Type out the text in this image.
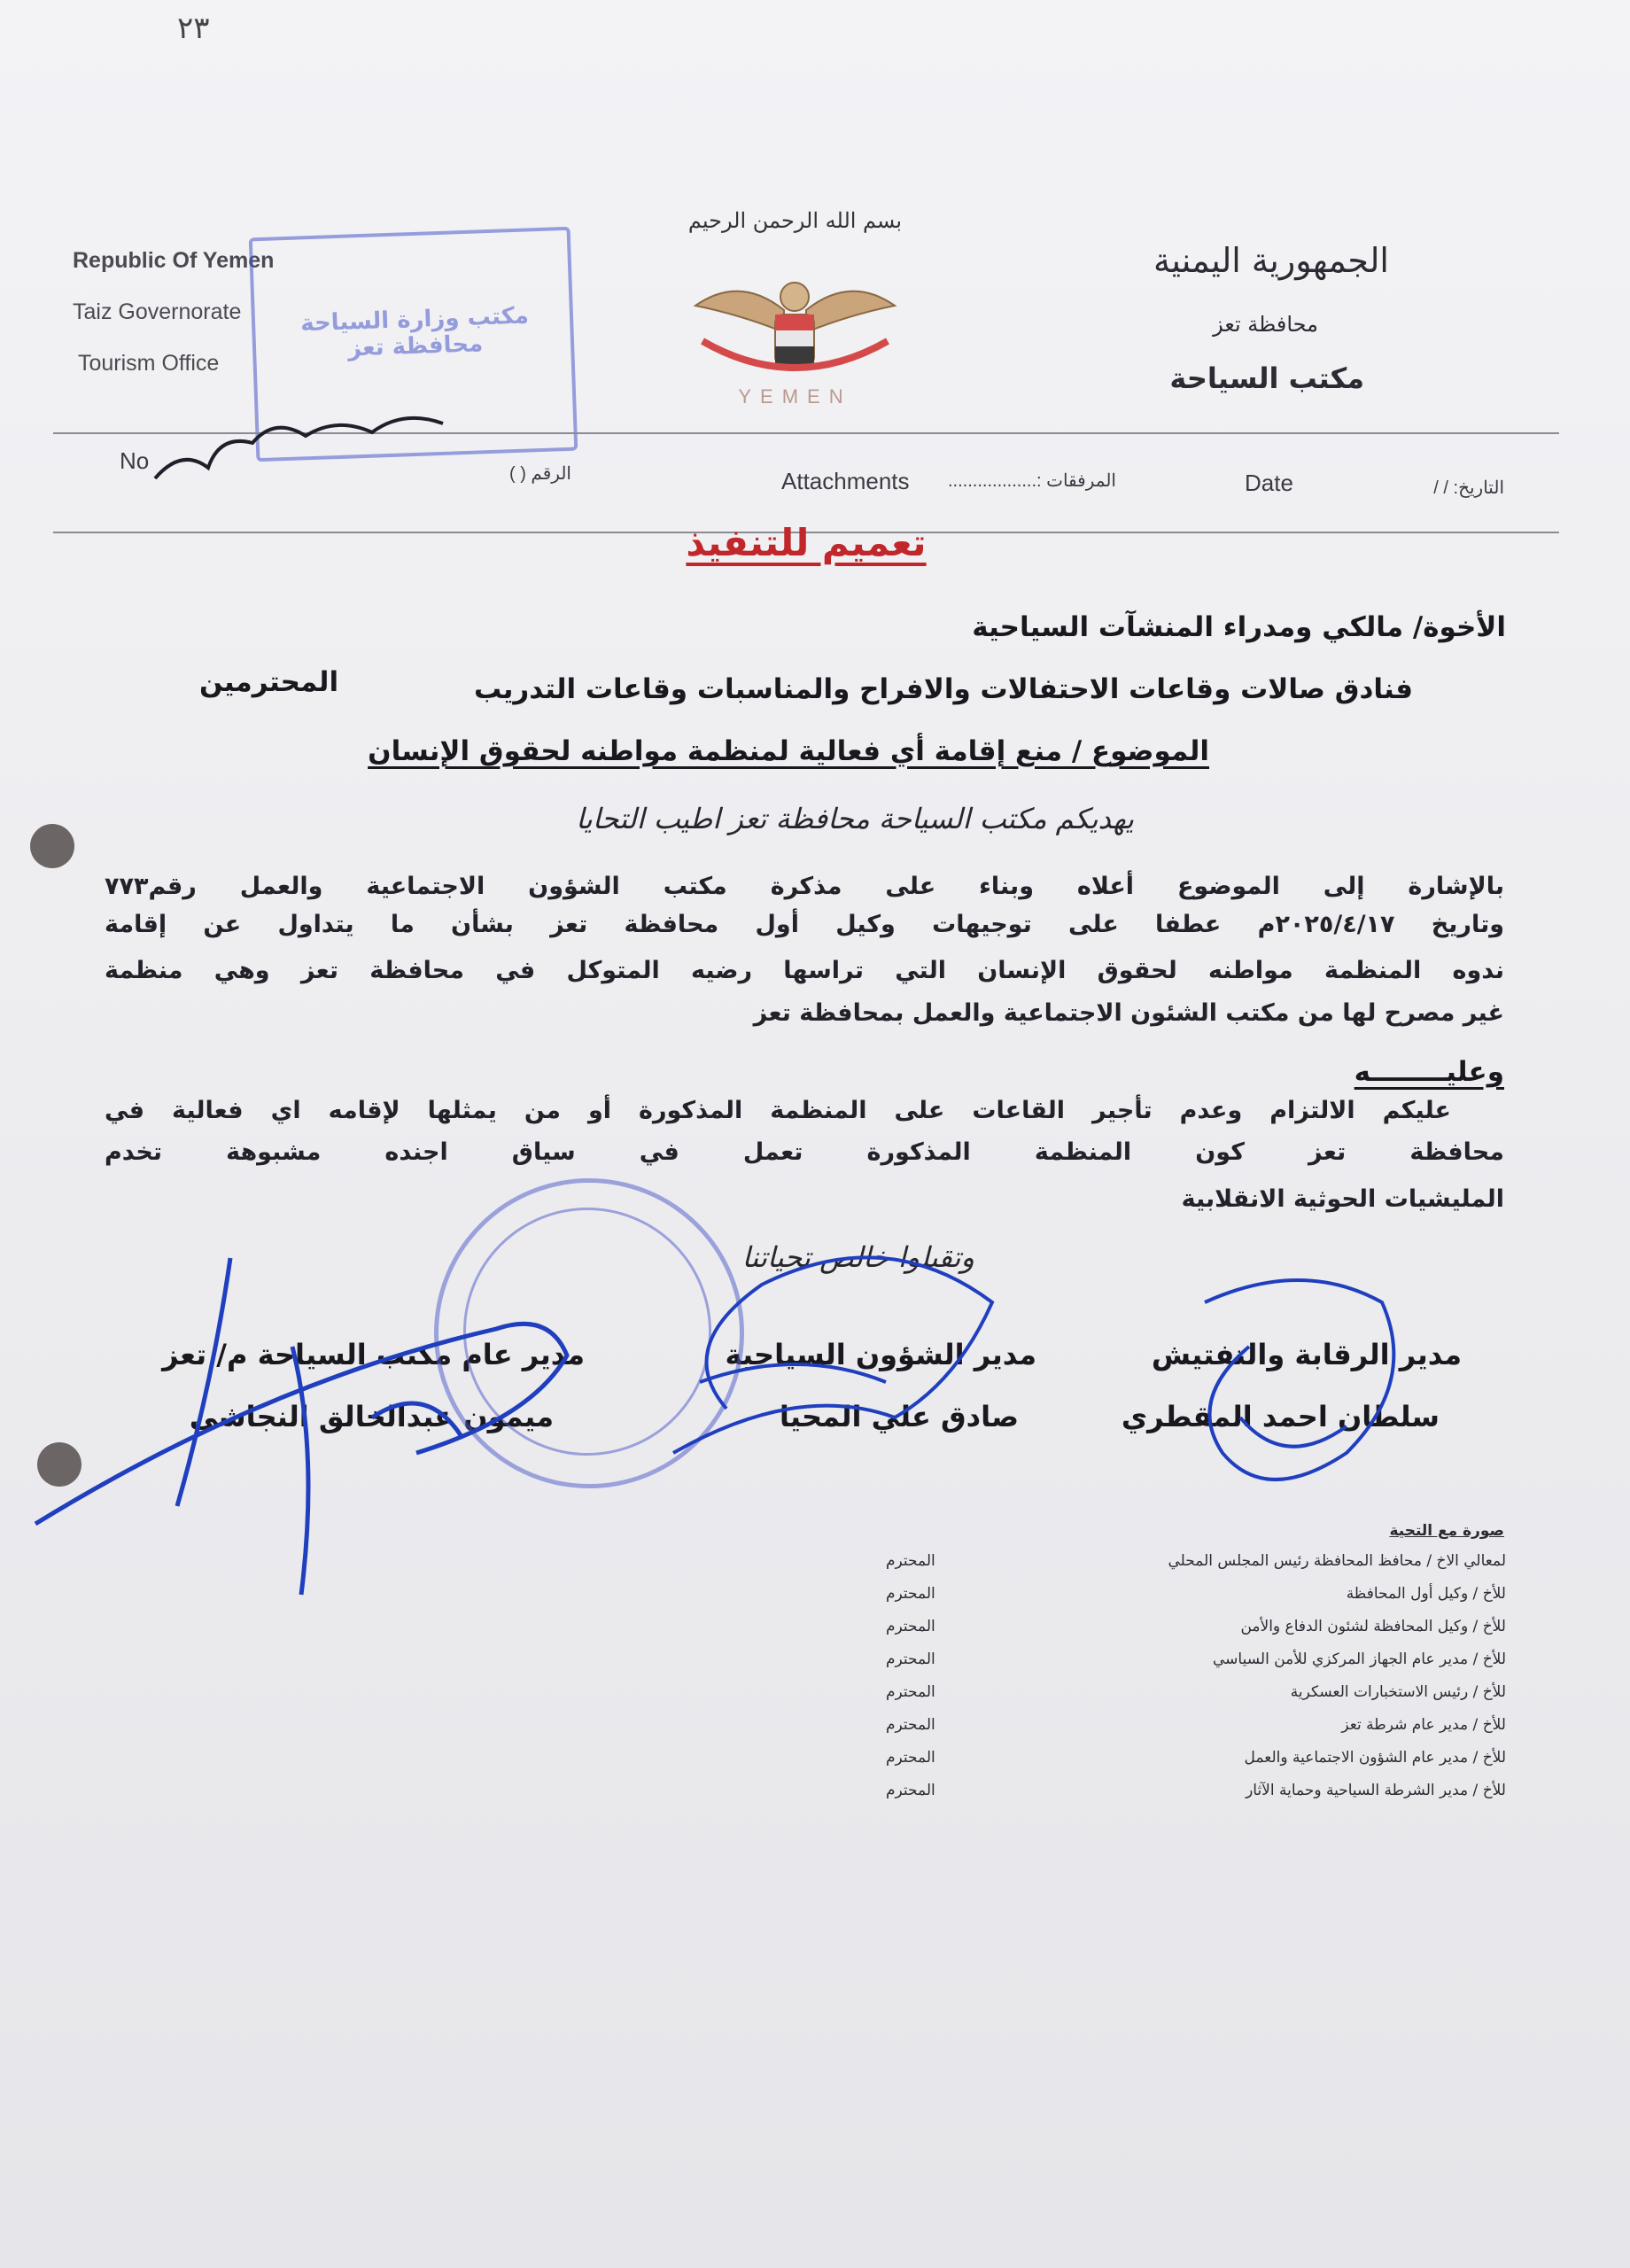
٢٣
Republic Of Yemen
Taiz Governorate
Tourism Office
الجمهورية اليمنية
محافظة تعز
مكتب السياحة
بسم الله الرحمن الرحيم
YEMEN
مكتب وزارة السياحة محافظة تعز
No	الرقم ( )	Attachments المرفقات :..................	Date	التاريخ: / /
تعميم للتنفيذ
الأخوة/ مالكي ومدراء المنشآت السياحية
فنادق صالات وقاعات الاحتفالات والافراح والمناسبات وقاعات التدريب
المحترمين
الموضوع / منع إقامة أي فعالية لمنظمة مواطنه لحقوق الإنسان
يهديكم مكتب السياحة محافظة تعز اطيب التحايا
بالإشارة إلى الموضوع أعلاه وبناء على مذكرة مكتب الشؤون الاجتماعية والعمل رقم٧٧٣
وتاريخ ٢٠٢٥/٤/١٧م عطفا على توجيهات وكيل أول محافظة تعز بشأن ما يتداول عن إقامة
ندوه المنظمة مواطنه لحقوق الإنسان التي تراسها رضيه المتوكل في محافظة تعز وهي منظمة
غير مصرح لها من مكتب الشئون الاجتماعية والعمل بمحافظة تعز
وعليــــــــه
عليكم الالتزام وعدم تأجير القاعات على المنظمة المذكورة أو من يمثلها لإقامه اي فعالية في
محافظة تعز كون المنظمة المذكورة تعمل في سياق اجنده مشبوهة تخدم
المليشيات الحوثية الانقلابية
وتقبلوا خالص تحياتنا
مدير الرقابة والتفتيش
سلطان احمد المقطري
مدير الشؤون السياحية
صادق علي المحيا
مدير عام مكتب السياحة م/ تعز
ميمون عبدالخالق النجاشي
صورة مع التحية
لمعالي الاخ / محافظ المحافظة رئيس المجلس المحلي
المحترم
للأخ / وكيل أول المحافظة
المحترم
للأخ / وكيل المحافظة لشئون الدفاع والأمن
المحترم
للأخ / مدير عام الجهاز المركزي للأمن السياسي
المحترم
للأخ / رئيس الاستخبارات العسكرية
المحترم
للأخ / مدير عام شرطة تعز
المحترم
للأخ / مدير عام الشؤون الاجتماعية والعمل
المحترم
للأخ / مدير الشرطة السياحية وحماية الآثار
المحترم
